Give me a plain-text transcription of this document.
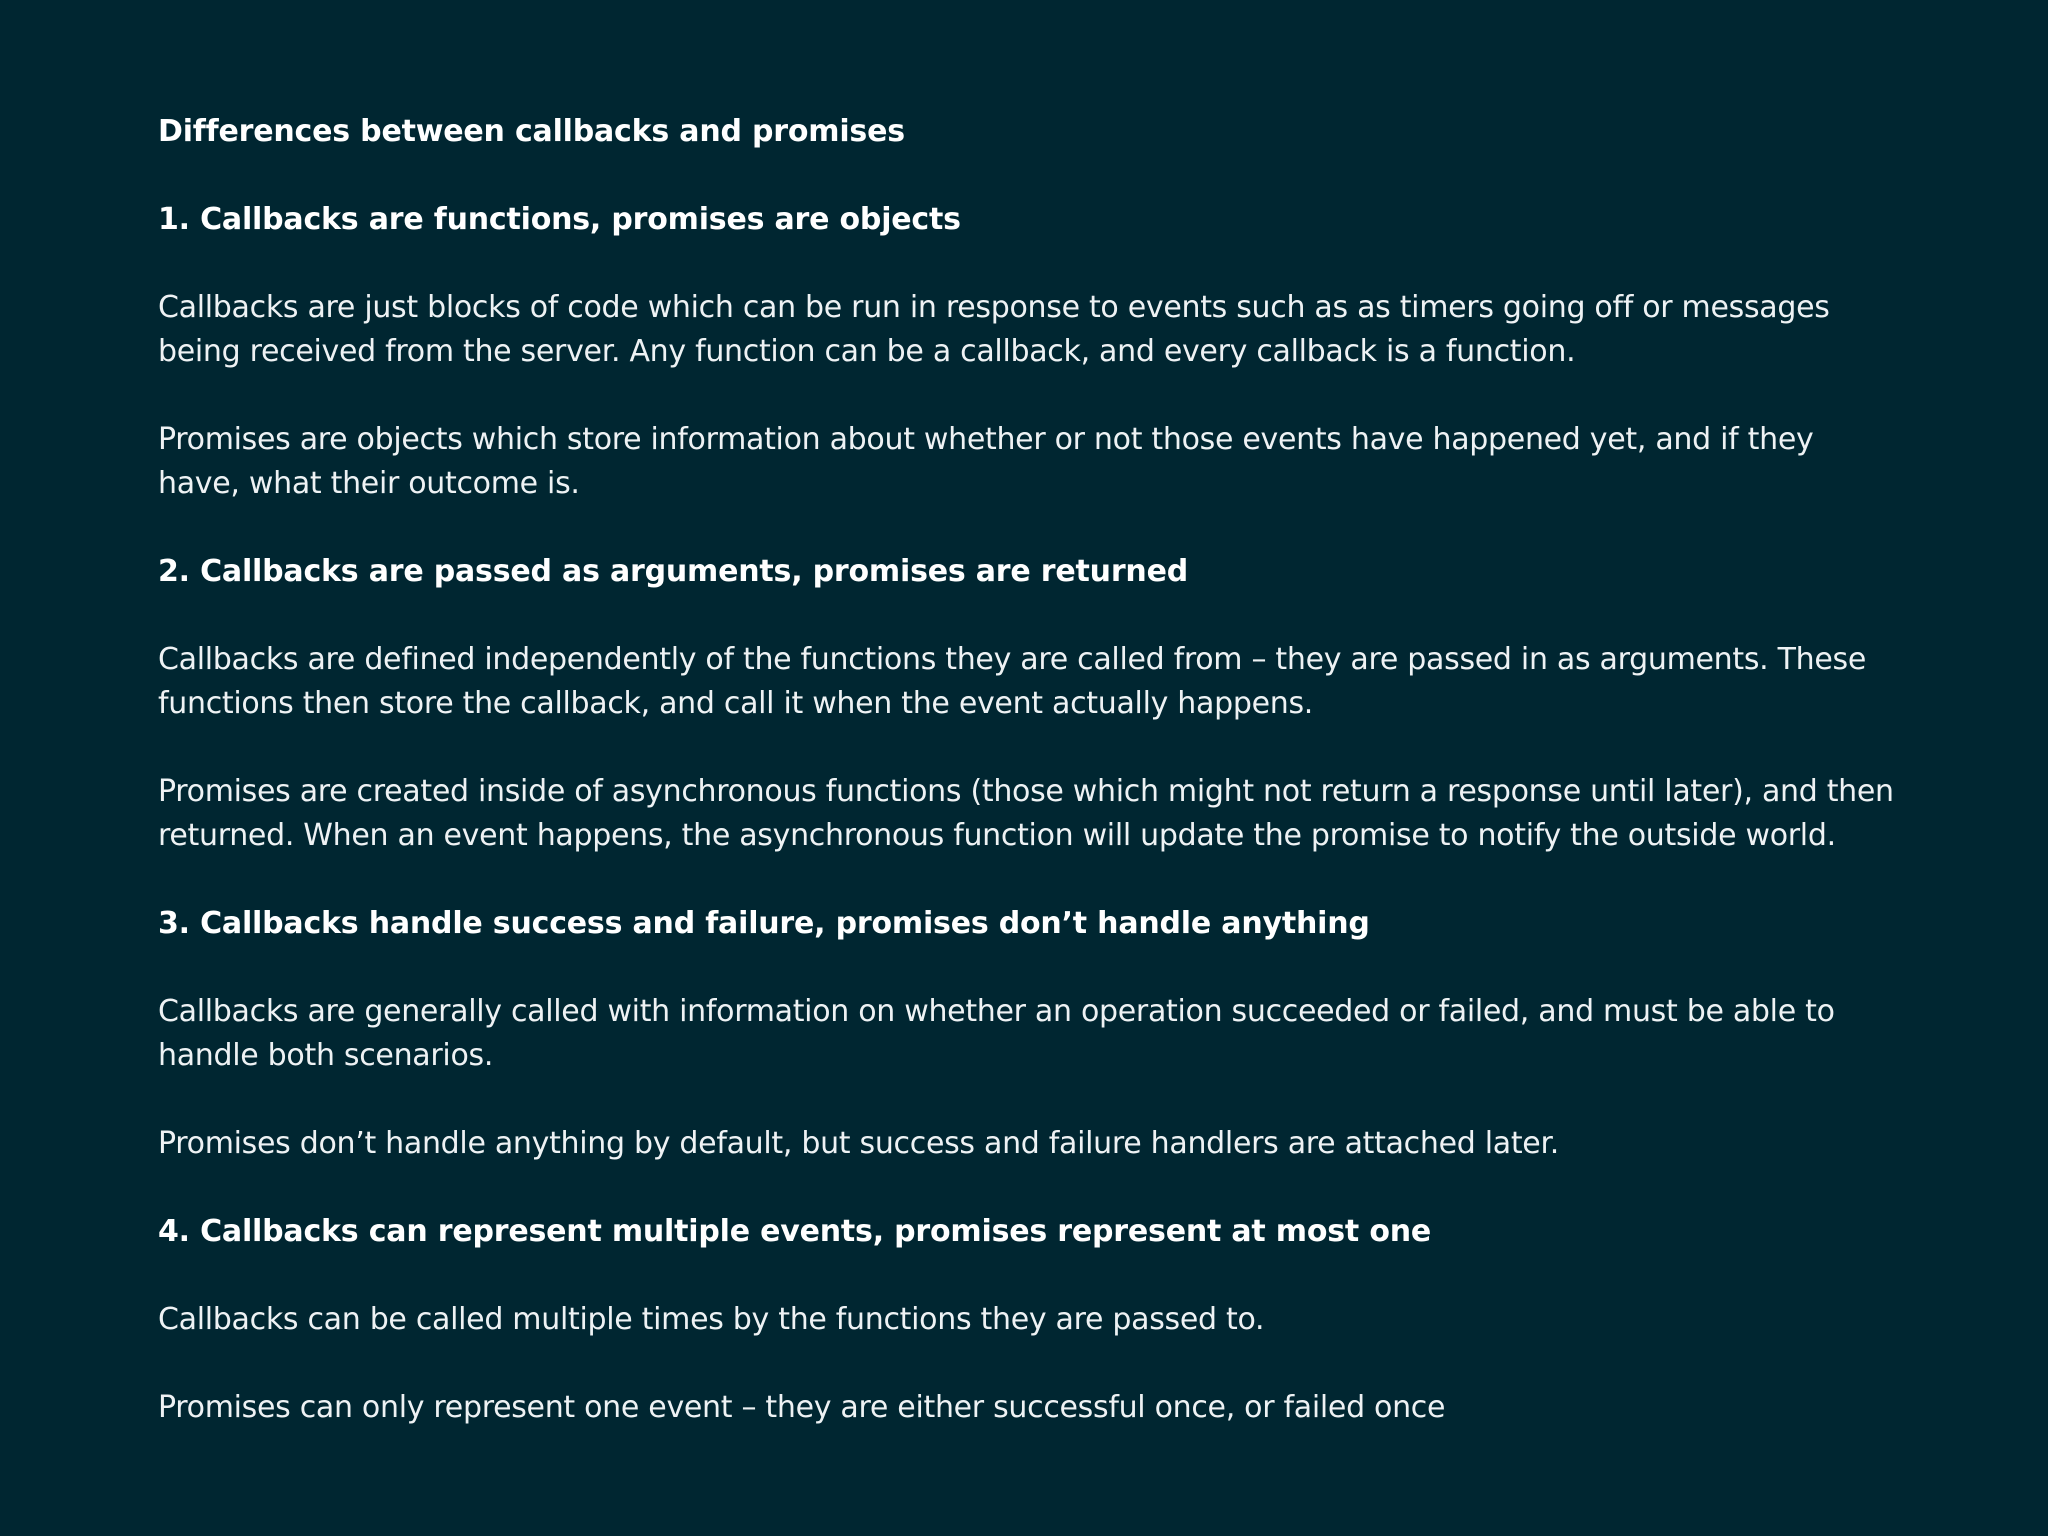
Differences between callbacks and promises
1. Callbacks are functions, promises are objects

Callbacks are just blocks of code which can be run in response to events such as as timers going off or messages being received from the server. Any function can be a callback, and every callback is a function.

Promises are objects which store information about whether or not those events have happened yet, and if they have, what their outcome is.

2. Callbacks are passed as arguments, promises are returned

Callbacks are defined independently of the functions they are called from – they are passed in as arguments. These functions then store the callback, and call it when the event actually happens.

Promises are created inside of asynchronous functions (those which might not return a response until later), and then returned. When an event happens, the asynchronous function will update the promise to notify the outside world.

3. Callbacks handle success and failure, promises don’t handle anything

Callbacks are generally called with information on whether an operation succeeded or failed, and must be able to handle both scenarios.

Promises don’t handle anything by default, but success and failure handlers are attached later.

4. Callbacks can represent multiple events, promises represent at most one

Callbacks can be called multiple times by the functions they are passed to.

Promises can only represent one event – they are either successful once, or failed once
